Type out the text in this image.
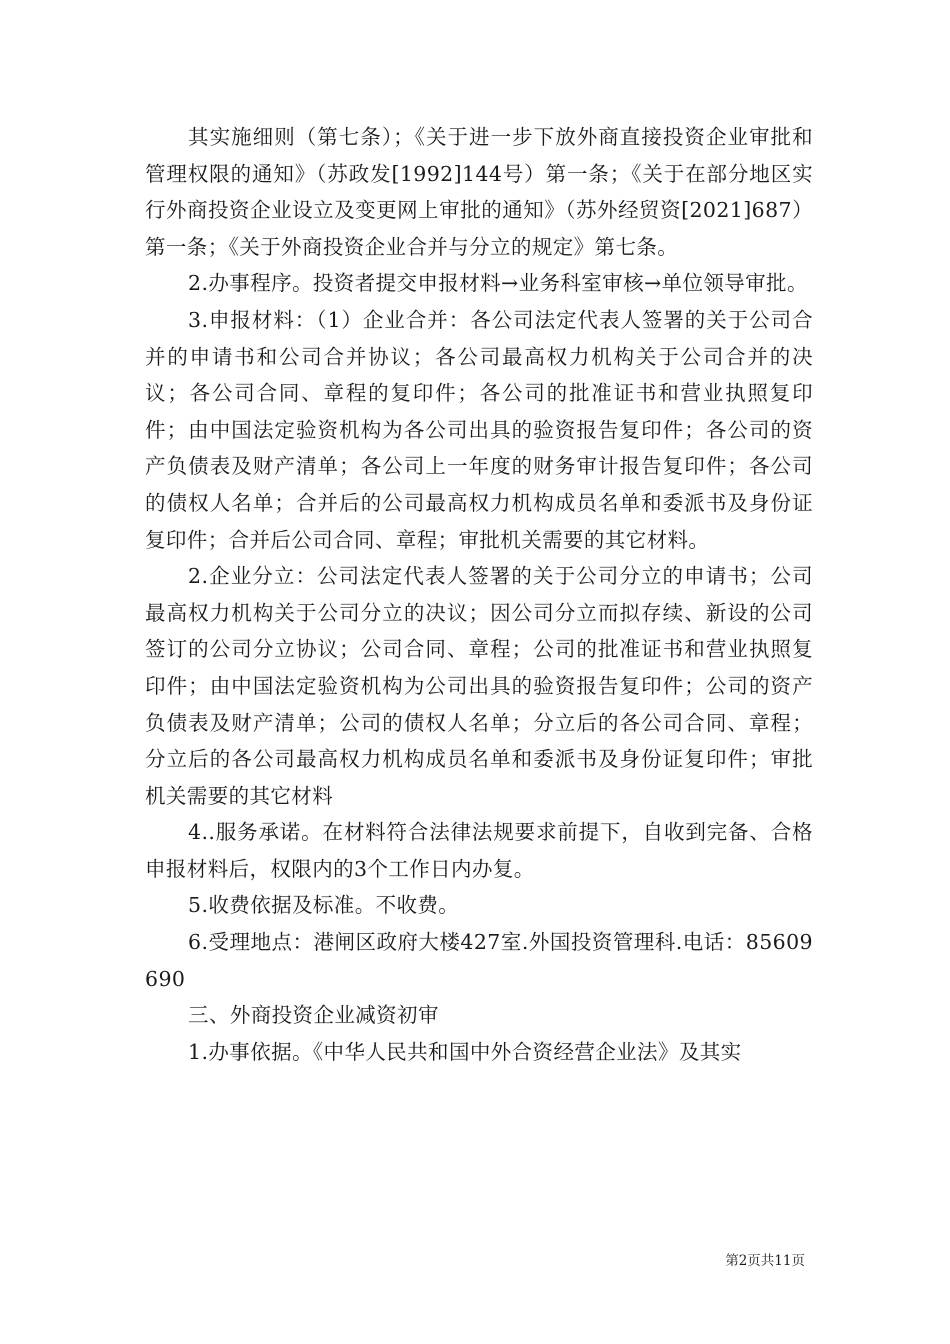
其实施细则（第七条）；《关于进一步下放外商直接投资企业审批和管理权限的通知》（苏政发[1992]144号）第一条；《关于在部分地区实行外商投资企业设立及变更网上审批的通知》（苏外经贸资[2021]687）第一条；《关于外商投资企业合并与分立的规定》第七条。

2.办事程序。投资者提交申报材料→业务科室审核→单位领导审批。

3.申报材料：（1）企业合并：各公司法定代表人签署的关于公司合并的申请书和公司合并协议；各公司最高权力机构关于公司合并的决议；各公司合同、章程的复印件；各公司的批准证书和营业执照复印件；由中国法定验资机构为各公司出具的验资报告复印件；各公司的资产负债表及财产清单；各公司上一年度的财务审计报告复印件；各公司的债权人名单；合并后的公司最高权力机构成员名单和委派书及身份证复印件；合并后公司合同、章程；审批机关需要的其它材料。

2.企业分立：公司法定代表人签署的关于公司分立的申请书；公司最高权力机构关于公司分立的决议；因公司分立而拟存续、新设的公司签订的公司分立协议；公司合同、章程；公司的批准证书和营业执照复印件；由中国法定验资机构为公司出具的验资报告复印件；公司的资产负债表及财产清单；公司的债权人名单；分立后的各公司合同、章程；分立后的各公司最高权力机构成员名单和委派书及身份证复印件；审批机关需要的其它材料

4..服务承诺。在材料符合法律法规要求前提下，自收到完备、合格申报材料后，权限内的3个工作日内办复。

5.收费依据及标准。不收费。

6.受理地点：港闸区政府大楼427室.外国投资管理科.电话：85609690

三、外商投资企业减资初审

1.办事依据。《中华人民共和国中外合资经营企业法》及其实

第2页共11页
